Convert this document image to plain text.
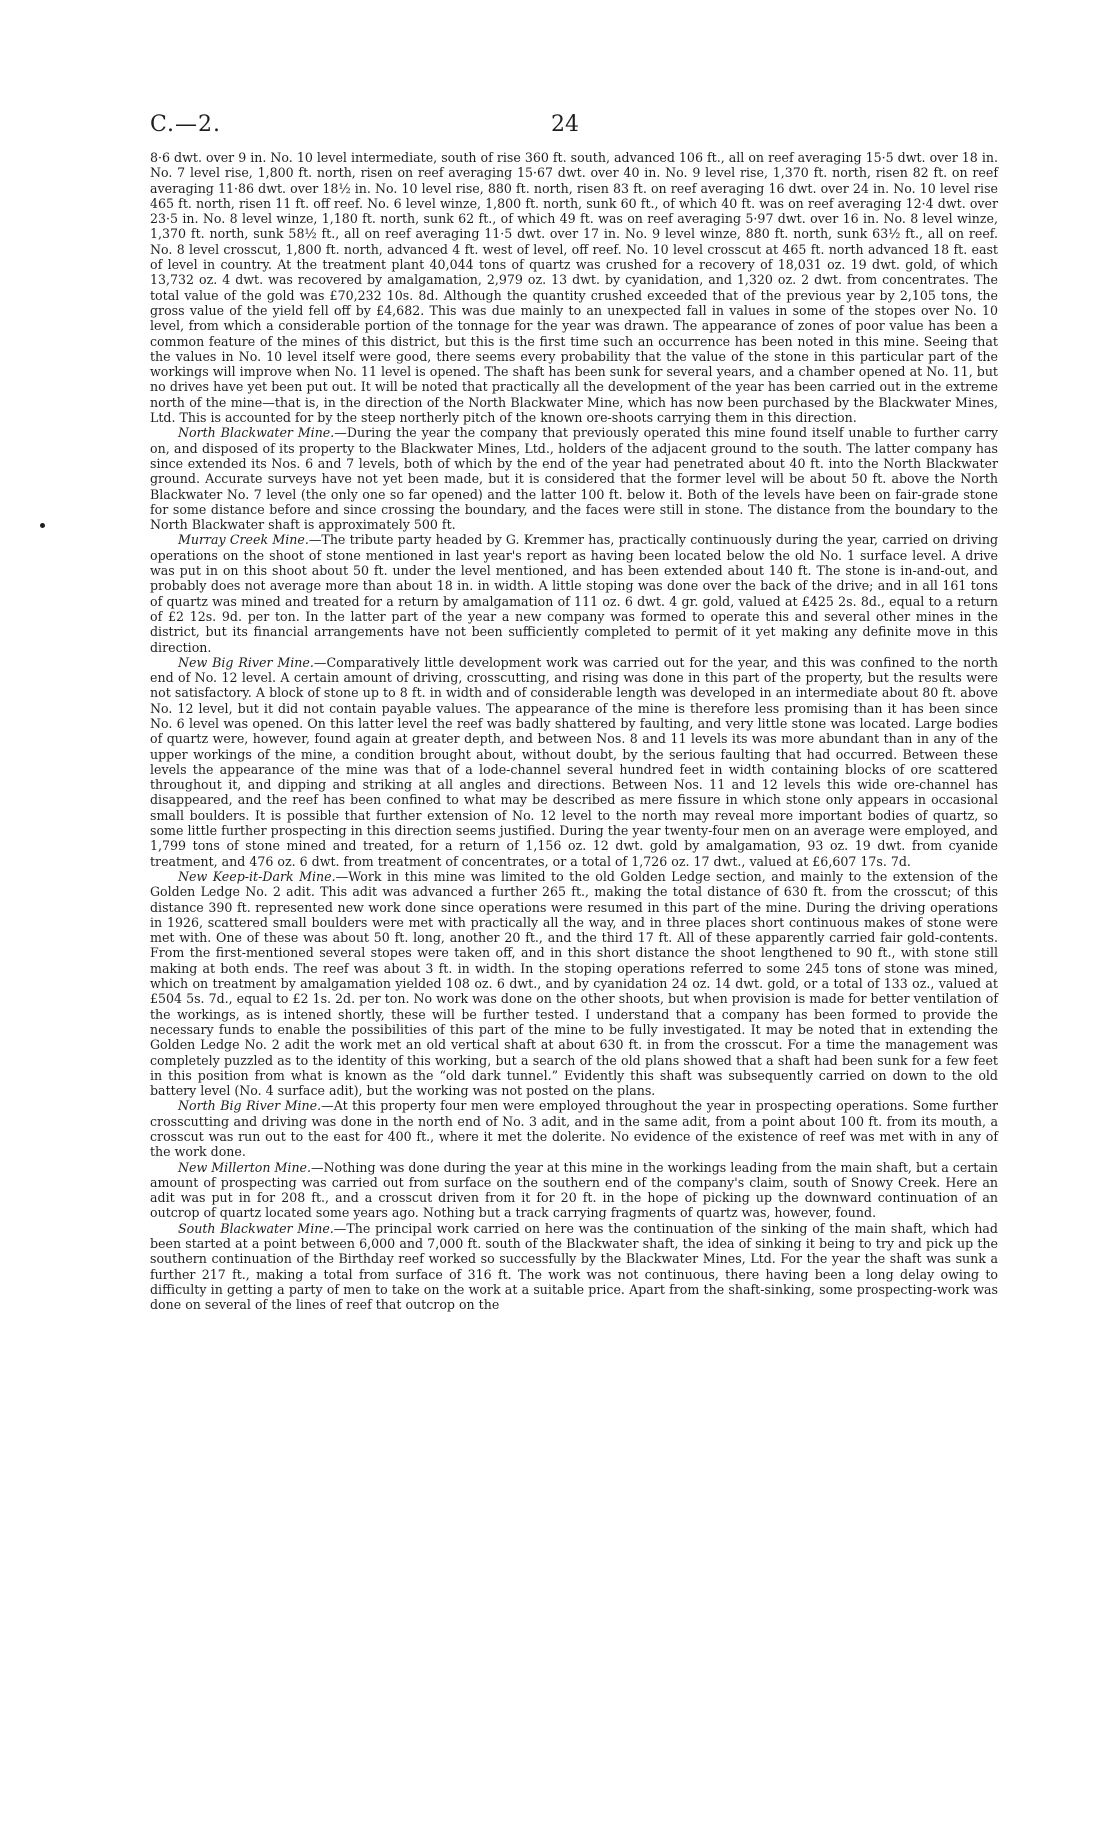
C.—2.	24

8·6 dwt. over 9 in. No. 10 level intermediate, south of rise 360 ft. south, advanced 106 ft., all on reef averaging 15·5 dwt. over 18 in. No. 7 level rise, 1,800 ft. north, risen on reef averaging 15·67 dwt. over 40 in. No. 9 level rise, 1,370 ft. north, risen 82 ft. on reef averaging 11·86 dwt. over 18½ in. No. 10 level rise, 880 ft. north, risen 83 ft. on reef averaging 16 dwt. over 24 in. No. 10 level rise 465 ft. north, risen 11 ft. off reef. No. 6 level winze, 1,800 ft. north, sunk 60 ft., of which 40 ft. was on reef averaging 12·4 dwt. over 23·5 in. No. 8 level winze, 1,180 ft. north, sunk 62 ft., of which 49 ft. was on reef averaging 5·97 dwt. over 16 in. No. 8 level winze, 1,370 ft. north, sunk 58½ ft., all on reef averaging 11·5 dwt. over 17 in. No. 9 level winze, 880 ft. north, sunk 63½ ft., all on reef. No. 8 level crosscut, 1,800 ft. north, advanced 4 ft. west of level, off reef. No. 10 level crosscut at 465 ft. north advanced 18 ft. east of level in country. At the treatment plant 40,044 tons of quartz was crushed for a recovery of 18,031 oz. 19 dwt. gold, of which 13,732 oz. 4 dwt. was recovered by amalgamation, 2,979 oz. 13 dwt. by cyanidation, and 1,320 oz. 2 dwt. from concentrates. The total value of the gold was £70,232 10s. 8d. Although the quantity crushed exceeded that of the previous year by 2,105 tons, the gross value of the yield fell off by £4,682. This was due mainly to an unexpected fall in values in some of the stopes over No. 10 level, from which a considerable portion of the tonnage for the year was drawn. The appearance of zones of poor value has been a common feature of the mines of this district, but this is the first time such an occurrence has been noted in this mine. Seeing that the values in No. 10 level itself were good, there seems every probability that the value of the stone in this particular part of the workings will improve when No. 11 level is opened. The shaft has been sunk for several years, and a chamber opened at No. 11, but no drives have yet been put out. It will be noted that practically all the development of the year has been carried out in the extreme north of the mine—that is, in the direction of the North Blackwater Mine, which has now been purchased by the Blackwater Mines, Ltd. This is accounted for by the steep northerly pitch of the known ore-shoots carrying them in this direction.

North Blackwater Mine.—During the year the company that previously operated this mine found itself unable to further carry on, and disposed of its property to the Blackwater Mines, Ltd., holders of the adjacent ground to the south. The latter company has since extended its Nos. 6 and 7 levels, both of which by the end of the year had penetrated about 40 ft. into the North Blackwater ground. Accurate surveys have not yet been made, but it is considered that the former level will be about 50 ft. above the North Blackwater No. 7 level (the only one so far opened) and the latter 100 ft. below it. Both of the levels have been on fair-grade stone for some distance before and since crossing the boundary, and the faces were still in stone. The distance from the boundary to the North Blackwater shaft is approximately 500 ft.

Murray Creek Mine.—The tribute party headed by G. Kremmer has, practically continuously during the year, carried on driving operations on the shoot of stone mentioned in last year's report as having been located below the old No. 1 surface level. A drive was put in on this shoot about 50 ft. under the level mentioned, and has been extended about 140 ft. The stone is in-and-out, and probably does not average more than about 18 in. in width. A little stoping was done over the back of the drive; and in all 161 tons of quartz was mined and treated for a return by amalgamation of 111 oz. 6 dwt. 4 gr. gold, valued at £425 2s. 8d., equal to a return of £2 12s. 9d. per ton. In the latter part of the year a new company was formed to operate this and several other mines in the district, but its financial arrangements have not been sufficiently completed to permit of it yet making any definite move in this direction.

New Big River Mine.—Comparatively little development work was carried out for the year, and this was confined to the north end of No. 12 level. A certain amount of driving, crosscutting, and rising was done in this part of the property, but the results were not satisfactory. A block of stone up to 8 ft. in width and of considerable length was developed in an intermediate about 80 ft. above No. 12 level, but it did not contain payable values. The appearance of the mine is therefore less promising than it has been since No. 6 level was opened. On this latter level the reef was badly shattered by faulting, and very little stone was located. Large bodies of quartz were, however, found again at greater depth, and between Nos. 8 and 11 levels its was more abundant than in any of the upper workings of the mine, a condition brought about, without doubt, by the serious faulting that had occurred. Between these levels the appearance of the mine was that of a lode-channel several hundred feet in width containing blocks of ore scattered throughout it, and dipping and striking at all angles and directions. Between Nos. 11 and 12 levels this wide ore-channel has disappeared, and the reef has been confined to what may be described as mere fissure in which stone only appears in occasional small boulders. It is possible that further extension of No. 12 level to the north may reveal more important bodies of quartz, so some little further prospecting in this direction seems justified. During the year twenty-four men on an average were employed, and 1,799 tons of stone mined and treated, for a return of 1,156 oz. 12 dwt. gold by amalgamation, 93 oz. 19 dwt. from cyanide treatment, and 476 oz. 6 dwt. from treatment of concentrates, or a total of 1,726 oz. 17 dwt., valued at £6,607 17s. 7d.

New Keep-it-Dark Mine.—Work in this mine was limited to the old Golden Ledge section, and mainly to the extension of the Golden Ledge No. 2 adit. This adit was advanced a further 265 ft., making the total distance of 630 ft. from the crosscut; of this distance 390 ft. represented new work done since operations were resumed in this part of the mine. During the driving operations in 1926, scattered small boulders were met with practically all the way, and in three places short continuous makes of stone were met with. One of these was about 50 ft. long, another 20 ft., and the third 17 ft. All of these apparently carried fair gold-contents. From the first-mentioned several stopes were taken off, and in this short distance the shoot lengthened to 90 ft., with stone still making at both ends. The reef was about 3 ft. in width. In the stoping operations referred to some 245 tons of stone was mined, which on treatment by amalgamation yielded 108 oz. 6 dwt., and by cyanidation 24 oz. 14 dwt. gold, or a total of 133 oz., valued at £504 5s. 7d., equal to £2 1s. 2d. per ton. No work was done on the other shoots, but when provision is made for better ventilation of the workings, as is intened shortly, these will be further tested. I understand that a company has been formed to provide the necessary funds to enable the possibilities of this part of the mine to be fully investigated. It may be noted that in extending the Golden Ledge No. 2 adit the work met an old vertical shaft at about 630 ft. in from the crosscut. For a time the management was completely puzzled as to the identity of this working, but a search of the old plans showed that a shaft had been sunk for a few feet in this position from what is known as the “old dark tunnel.” Evidently this shaft was subsequently carried on down to the old battery level (No. 4 surface adit), but the working was not posted on the plans.

North Big River Mine.—At this property four men were employed throughout the year in prospecting operations. Some further crosscutting and driving was done in the north end of No. 3 adit, and in the same adit, from a point about 100 ft. from its mouth, a crosscut was run out to the east for 400 ft., where it met the dolerite. No evidence of the existence of reef was met with in any of the work done.

New Millerton Mine.—Nothing was done during the year at this mine in the workings leading from the main shaft, but a certain amount of prospecting was carried out from surface on the southern end of the company's claim, south of Snowy Creek. Here an adit was put in for 208 ft., and a crosscut driven from it for 20 ft. in the hope of picking up the downward continuation of an outcrop of quartz located some years ago. Nothing but a track carrying fragments of quartz was, however, found.

South Blackwater Mine.—The principal work carried on here was the continuation of the sinking of the main shaft, which had been started at a point between 6,000 and 7,000 ft. south of the Blackwater shaft, the idea of sinking it being to try and pick up the southern continuation of the Birthday reef worked so successfully by the Blackwater Mines, Ltd. For the year the shaft was sunk a further 217 ft., making a total from surface of 316 ft. The work was not continuous, there having been a long delay owing to difficulty in getting a party of men to take on the work at a suitable price. Apart from the shaft-sinking, some prospecting-work was done on several of the lines of reef that outcrop on the
